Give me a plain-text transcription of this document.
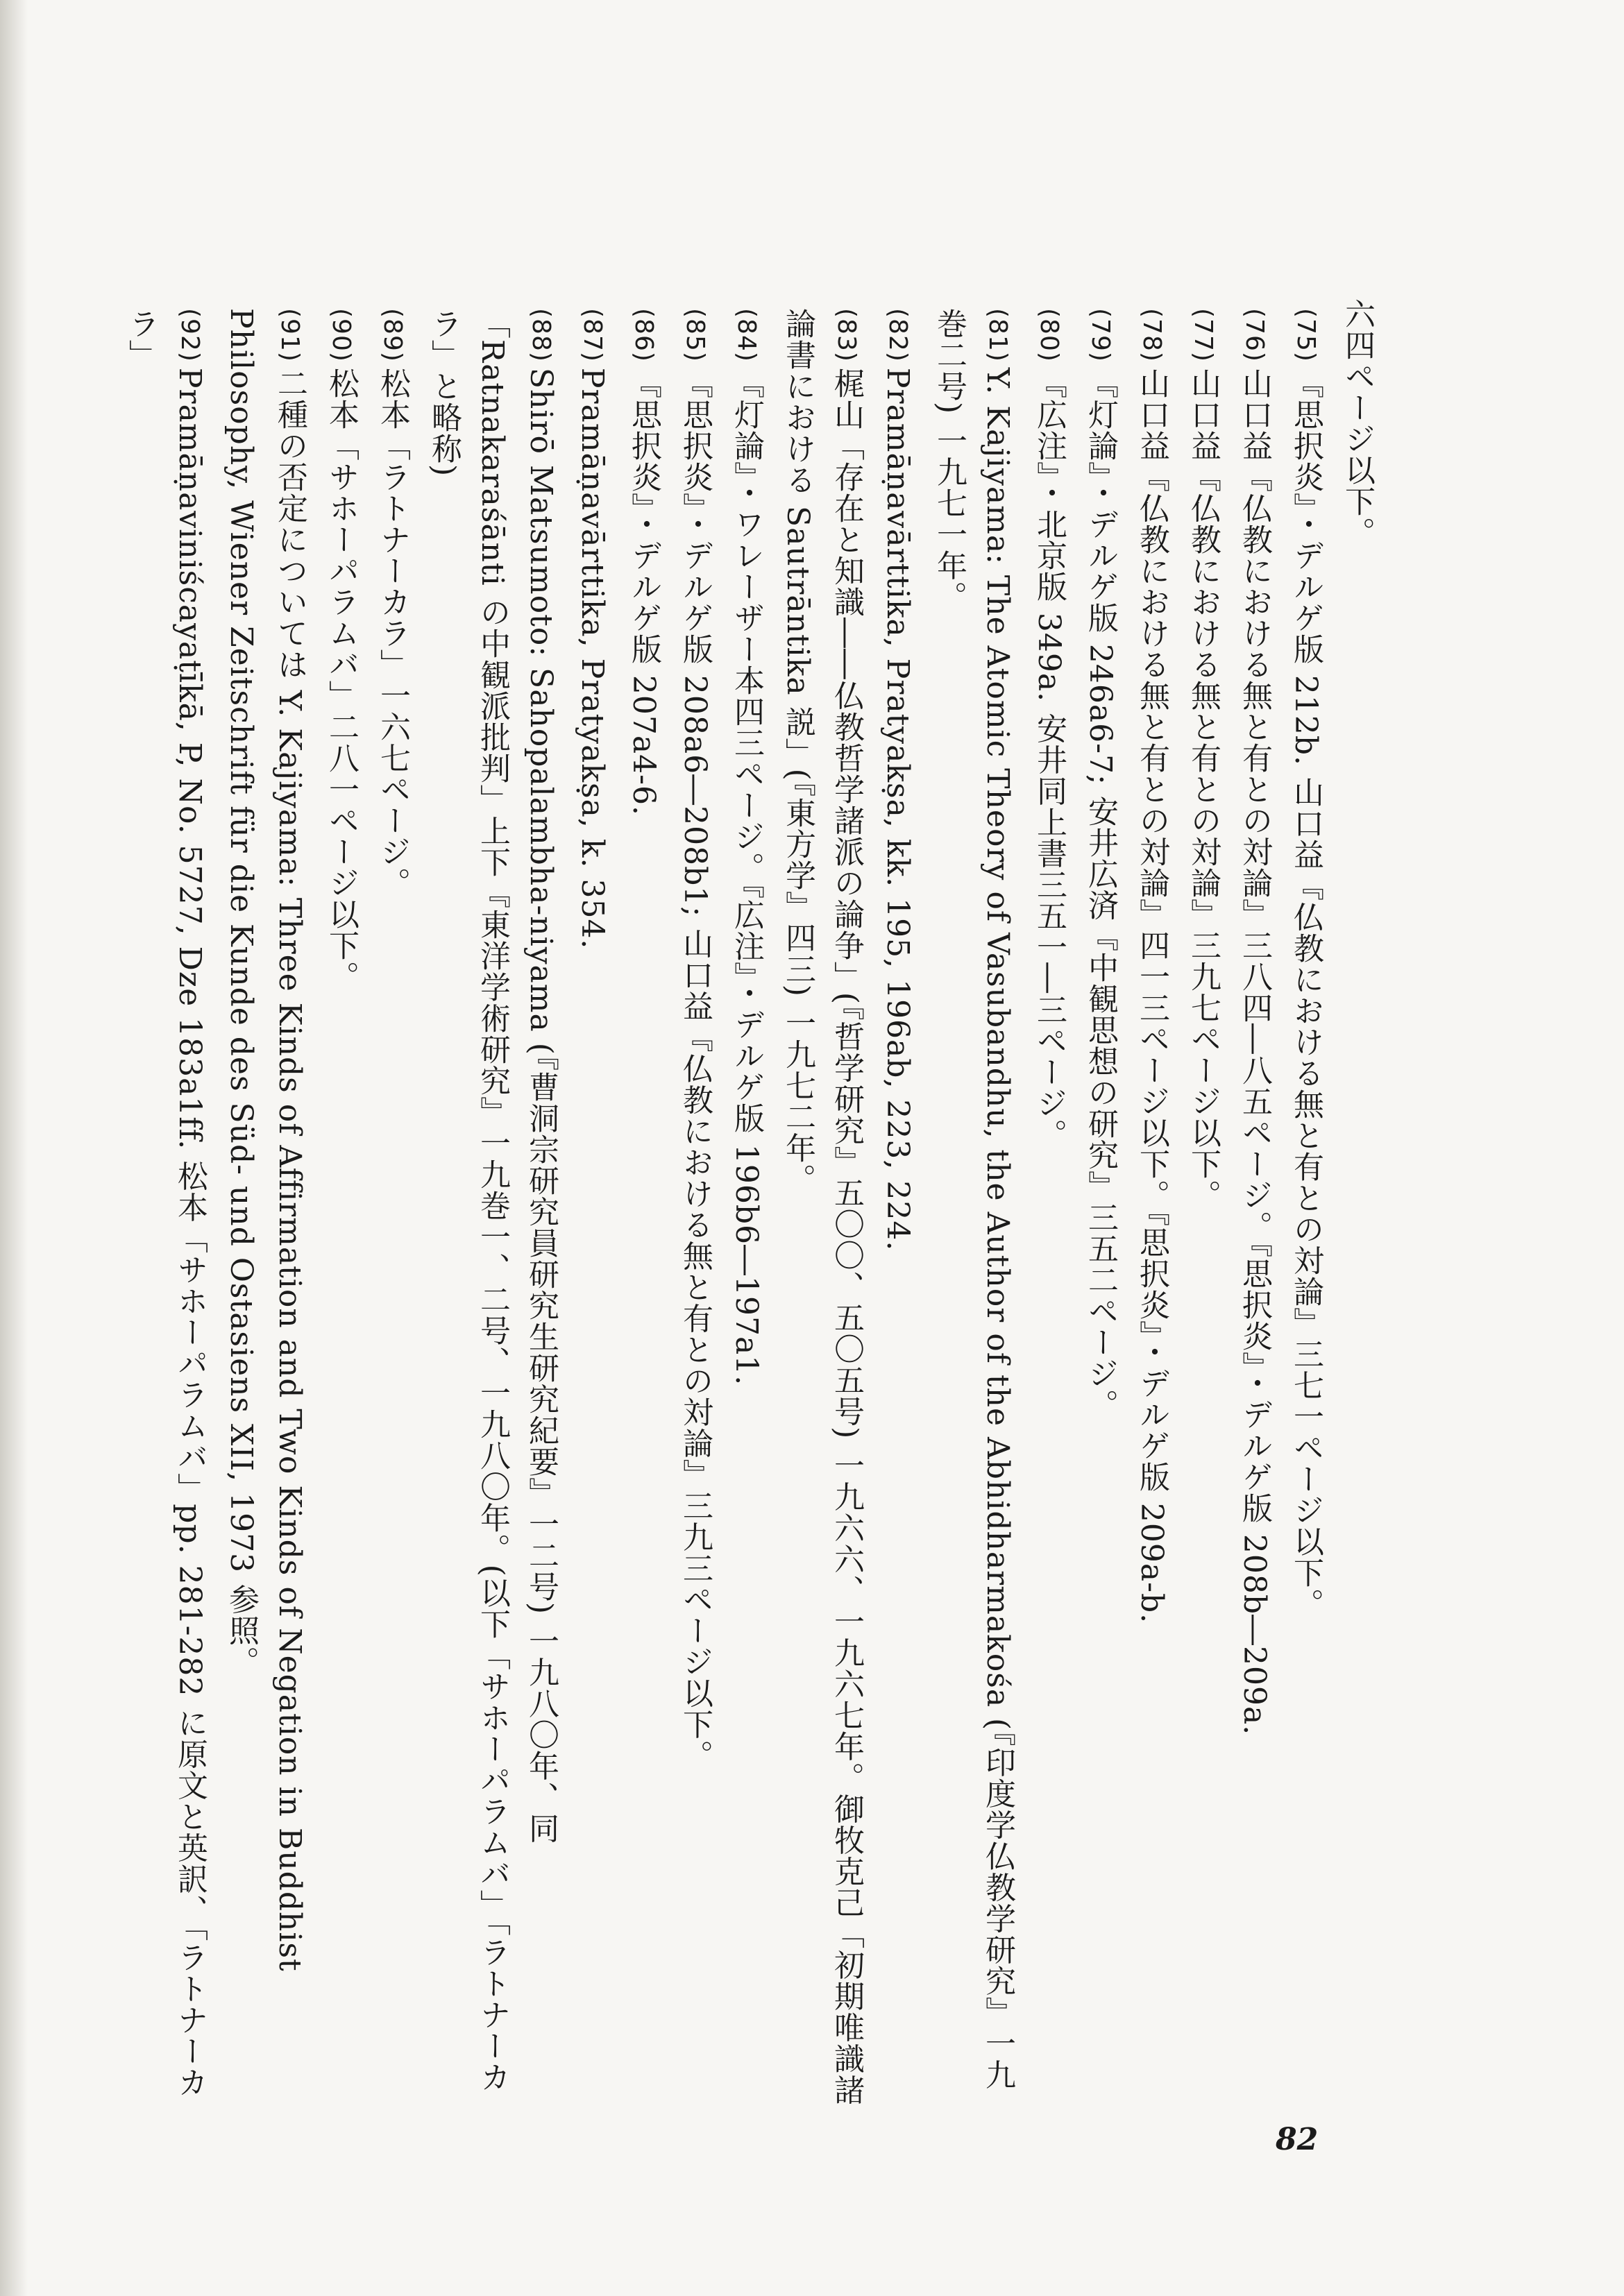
六四ページ以下。

(75)『思択炎』・デルゲ版 212b. 山口益『仏教における無と有との対論』三七一ページ以下。

(76)山口益『仏教における無と有との対論』三八四―八五ページ。『思択炎』・デルゲ版 208b―209a.

(77)山口益『仏教における無と有との対論』三九七ページ以下。

(78)山口益『仏教における無と有との対論』四一三ページ以下。『思択炎』・デルゲ版 209a-b.

(79)『灯論』・デルゲ版 246a6-7; 安井広済『中観思想の研究』三五二ページ。

(80)『広注』・北京版 349a. 安井同上書三五一―三ページ。

(81)Y. Kajiyama: The Atomic Theory of Vasubandhu, the Author of the Abhidharmakośa (『印度学仏教学研究』一九巻二号) 一九七一年。

(82)Pramāṇavārttika, Pratyakṣa, kk. 195, 196ab, 223, 224.

(83)梶山「存在と知識――仏教哲学諸派の論争」(『哲学研究』五〇〇、五〇五号) 一九六六、一九六七年。御牧克己「初期唯識諸論書における Sautrāntika 説」(『東方学』四三) 一九七二年。

(84)『灯論』・ワレーザー本四三ページ。『広注』・デルゲ版 196b6―197a1.

(85)『思択炎』・デルゲ版 208a6―208b1; 山口益『仏教における無と有との対論』三九三ページ以下。

(86)『思択炎』・デルゲ版 207a4-6.

(87)Pramāṇavārttika, Pratyakṣa, k. 354.

(88)Shirō Matsumoto: Sahopalambha-niyama (『曹洞宗研究員研究生研究紀要』一二号) 一九八〇年、同「Ratnakaraśānti の中観派批判」上下『東洋学術研究』一九巻一、二号、一九八〇年。(以下「サホーパラムバ」「ラトナーカラ」と略称)

(89)松本「ラトナーカラ」一六七ページ。

(90)松本「サホーパラムバ」二八一ページ以下。

(91)二種の否定については Y. Kajiyama: Three Kinds of Affirmation and Two Kinds of Negation in Buddhist Philosophy, Wiener Zeitschrift für die Kunde des Süd- und Ostasiens XII, 1973 参照。

(92)Pramāṇaviniścayaṭīkā, P, No. 5727, Dze 183a1ff. 松本「サホーパラムバ」pp. 281-282 に原文と英訳、「ラトナーカラ」

82
